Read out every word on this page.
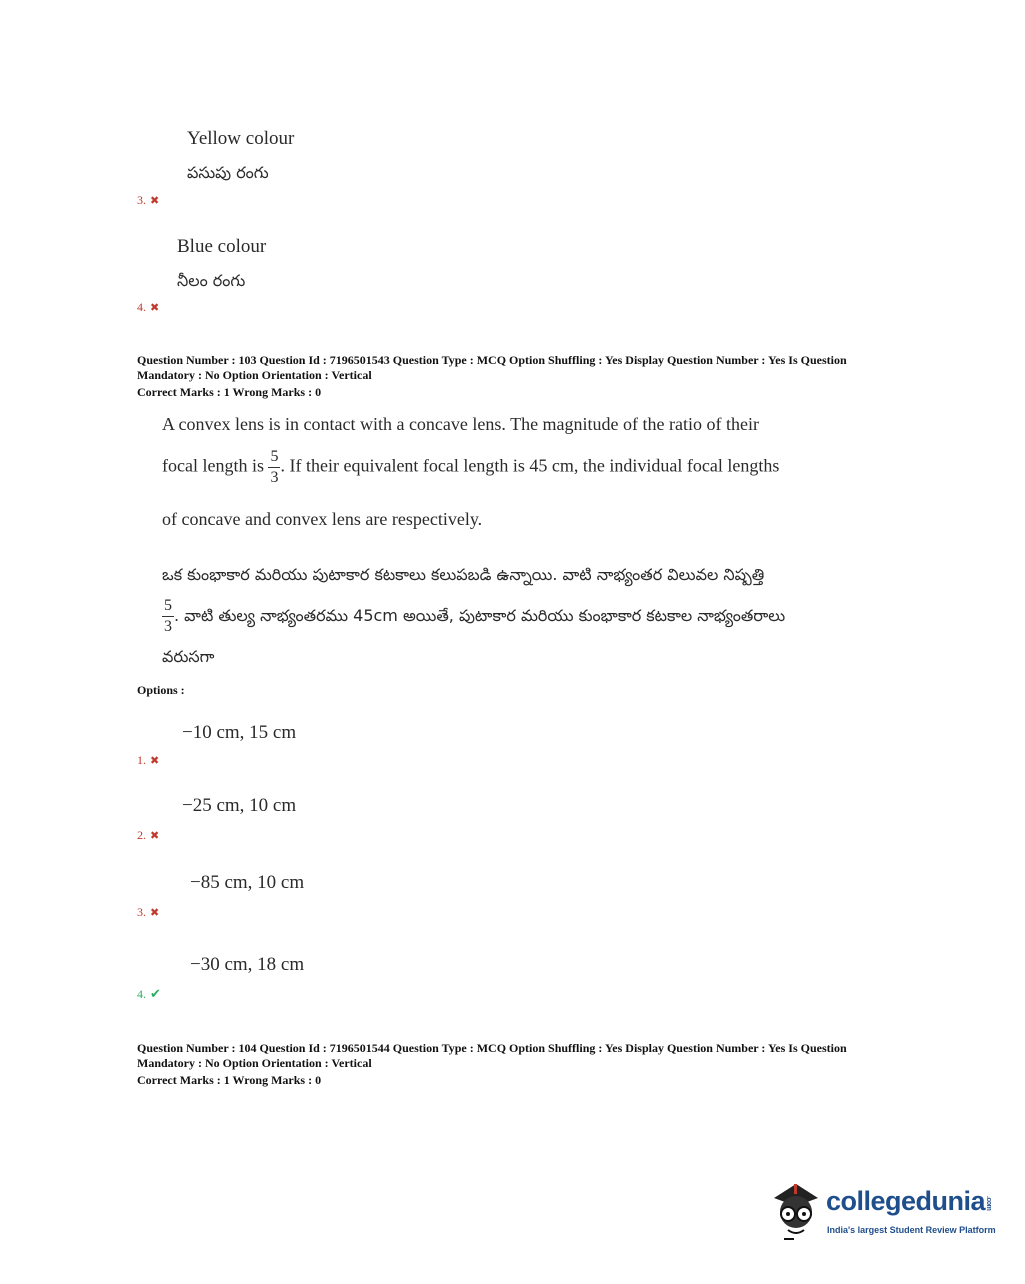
Yellow colour
పసుపు రంగు
3. ✖
Blue colour
నీలం రంగు
4. ✖
Question Number : 103 Question Id : 7196501543 Question Type : MCQ Option Shuffling : Yes Display Question Number : Yes Is Question
Mandatory : No Option Orientation : Vertical
Correct Marks : 1 Wrong Marks : 0
A convex lens is in contact with a concave lens. The magnitude of the ratio of their
focal length is $\frac{5}{3}$ . If their equivalent focal length is 45 cm, the individual focal lengths
of concave and convex lens are respectively.
ఒక కుంభాకార మరియు పుటాకార కటకాలు కలుపబడి ఉన్నాయి. వాటి నాభ్యంతర విలువల నిష్పత్తి
$\frac{5}{3}$ . వాటి తుల్య నాభ్యంతరము 45cm అయితే, పుటాకార మరియు కుంభాకార కటకాల నాభ్యంతరాలు
వరుసగా
Options :
−10 cm, 15 cm
1. ✖
−25 cm, 10 cm
2. ✖
−85 cm, 10 cm
3. ✖
−30 cm, 18 cm
4. ✔
Question Number : 104 Question Id : 7196501544 Question Type : MCQ Option Shuffling : Yes Display Question Number : Yes Is Question
Mandatory : No Option Orientation : Vertical
Correct Marks : 1 Wrong Marks : 0
collegedunia.com
India's largest Student Review Platform
